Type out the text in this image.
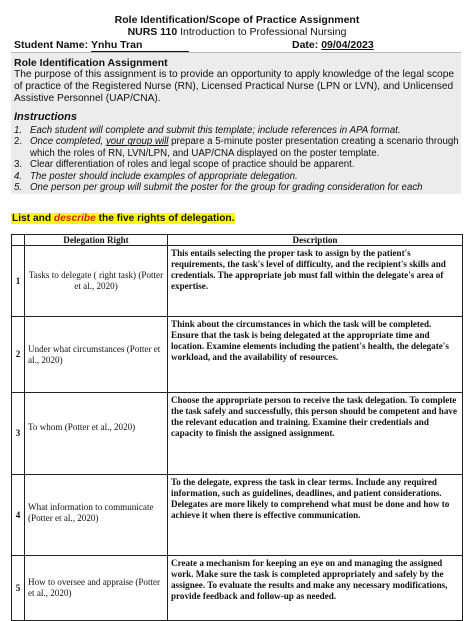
Role Identification/Scope of Practice Assignment
NURS 110 Introduction to Professional Nursing
Student Name: Ynhu Tran	Date: 09/04/2023
Role Identification Assignment

The purpose of this assignment is to provide an opportunity to apply knowledge of the legal scope of practice of the Registered Nurse (RN), Licensed Practical Nurse (LPN or LVN), and Unlicensed Assistive Personnel (UAP/CNA).

Instructions
1. Each student will complete and submit this template; include references in APA format.
2. Once completed, your group will prepare a 5-minute poster presentation creating a scenario through which the roles of RN, LVN/LPN, and UAP/CNA displayed on the poster template.
3. Clear differentiation of roles and legal scope of practice should be apparent.
4. The poster should include examples of appropriate delegation.
5. One person per group will submit the poster for the group for grading consideration for each
List and describe the five rights of delegation.
	Delegation Right	Description
1	Tasks to delegate ( right task) (Potter et al., 2020)	This entails selecting the proper task to assign by the patient's requirements, the task's level of difficulty, and the recipient's skills and credentials. The appropriate job must fall within the delegate's area of expertise.
2	Under what circumstances (Potter et al., 2020)	Think about the circumstances in which the task will be completed. Ensure that the task is being delegated at the appropriate time and location. Examine elements including the patient's health, the delegate's workload, and the availability of resources.
3	To whom (Potter et al., 2020)	Choose the appropriate person to receive the task delegation. To complete the task safely and successfully, this person should be competent and have the relevant education and training. Examine their credentials and capacity to finish the assigned assignment.
4	What information to communicate (Potter et al., 2020)	To the delegate, express the task in clear terms. Include any required information, such as guidelines, deadlines, and patient considerations. Delegates are more likely to comprehend what must be done and how to achieve it when there is effective communication.
5	How to oversee and appraise (Potter et al., 2020)	Create a mechanism for keeping an eye on and managing the assigned work. Make sure the task is completed appropriately and safely by the assignee. To evaluate the results and make any necessary modifications, provide feedback and follow-up as needed.
